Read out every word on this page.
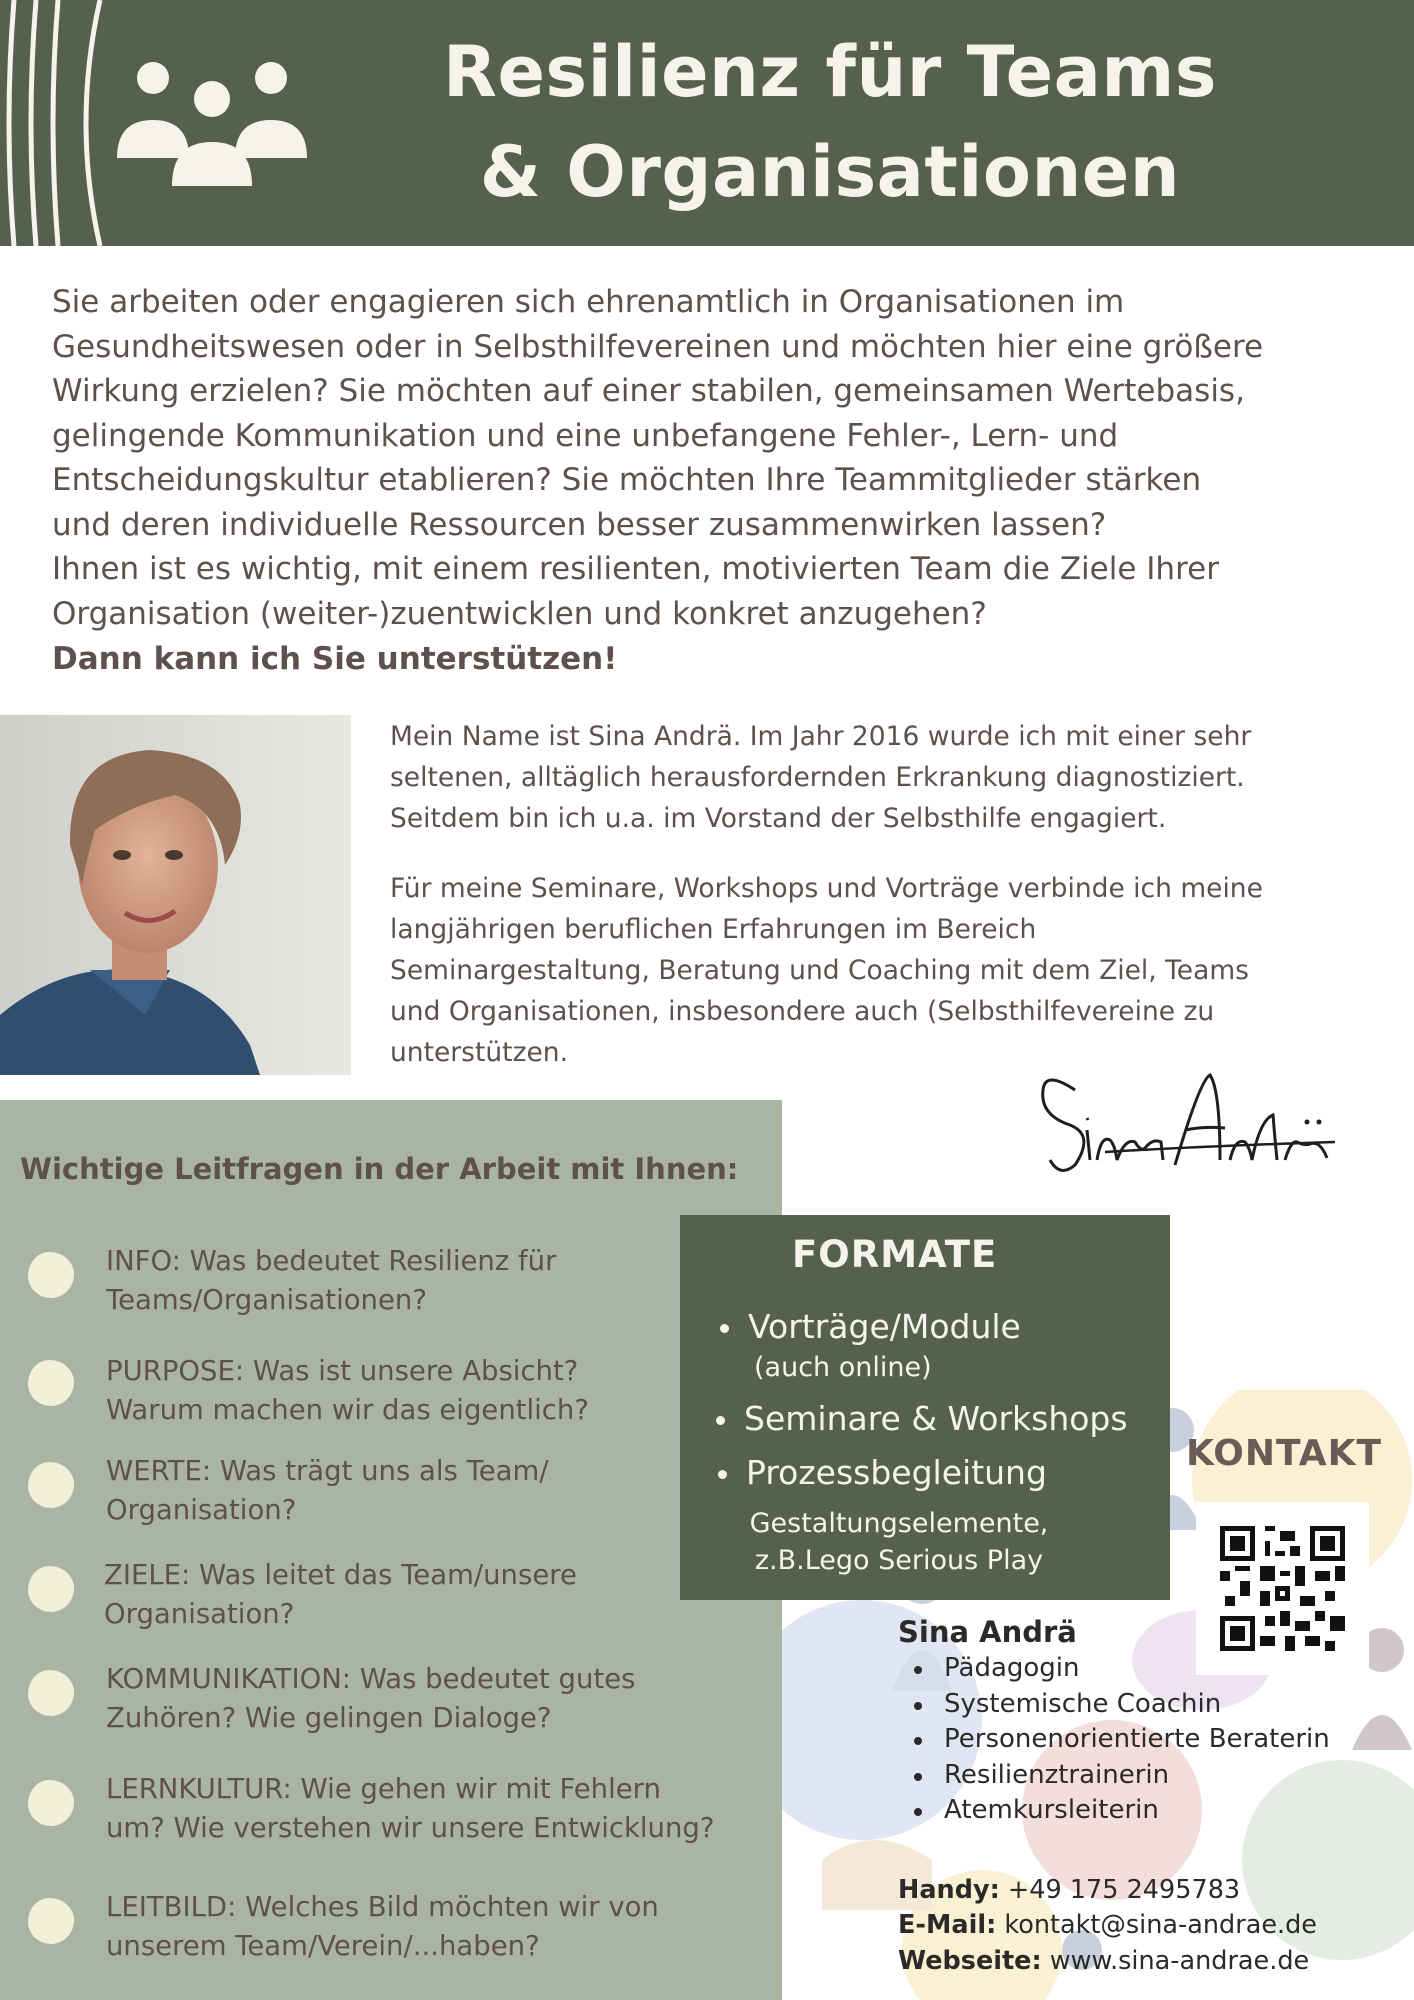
Resilienz für Teams
& Organisationen

Sie arbeiten oder engagieren sich ehrenamtlich in Organisationen im
Gesundheitswesen oder in Selbsthilfevereinen und möchten hier eine größere
Wirkung erzielen? Sie möchten auf einer stabilen, gemeinsamen Wertebasis,
gelingende Kommunikation und eine unbefangene Fehler-, Lern- und
Entscheidungskultur etablieren? Sie möchten Ihre Teammitglieder stärken
und deren individuelle Ressourcen besser zusammenwirken lassen?
Ihnen ist es wichtig, mit einem resilienten, motivierten Team die Ziele Ihrer
Organisation (weiter-)zuentwicklen und konkret anzugehen?

Dann kann ich Sie unterstützen!

Mein Name ist Sina Andrä. Im Jahr 2016 wurde ich mit einer sehr
seltenen, alltäglich herausfordernden Erkrankung diagnostiziert.
Seitdem bin ich u.a. im Vorstand der Selbsthilfe engagiert.

Für meine Seminare, Workshops und Vorträge verbinde ich meine
langjährigen beruflichen Erfahrungen im Bereich
Seminargestaltung, Beratung und Coaching mit dem Ziel, Teams
und Organisationen, insbesondere auch (Selbsthilfevereine zu
unterstützen.

Wichtige Leitfragen in der Arbeit mit Ihnen:
INFO: Was bedeutet Resilienz für
Teams/Organisationen?
PURPOSE: Was ist unsere Absicht?
Warum machen wir das eigentlich?
WERTE: Was trägt uns als Team/
Organisation?
ZIELE: Was leitet das Team/unsere
Organisation?
KOMMUNIKATION: Was bedeutet gutes
Zuhören? Wie gelingen Dialoge?
LERNKULTUR: Wie gehen wir mit Fehlern
um? Wie verstehen wir unsere Entwicklung?
LEITBILD: Welches Bild möchten wir von
unserem Team/Verein/...haben?
FORMATE
Vorträge/Module
(auch online)
Seminare & Workshops
Prozessbegleitung
Gestaltungselemente,
z.B.Lego Serious Play
KONTAKT
Sina Andrä
Pädagogin
Systemische Coachin
Personenorientierte Beraterin
Resilienztrainerin
Atemkursleiterin
Handy: +49 175 2495783
E-Mail: kontakt@sina-andrae.de
Webseite: www.sina-andrae.de
